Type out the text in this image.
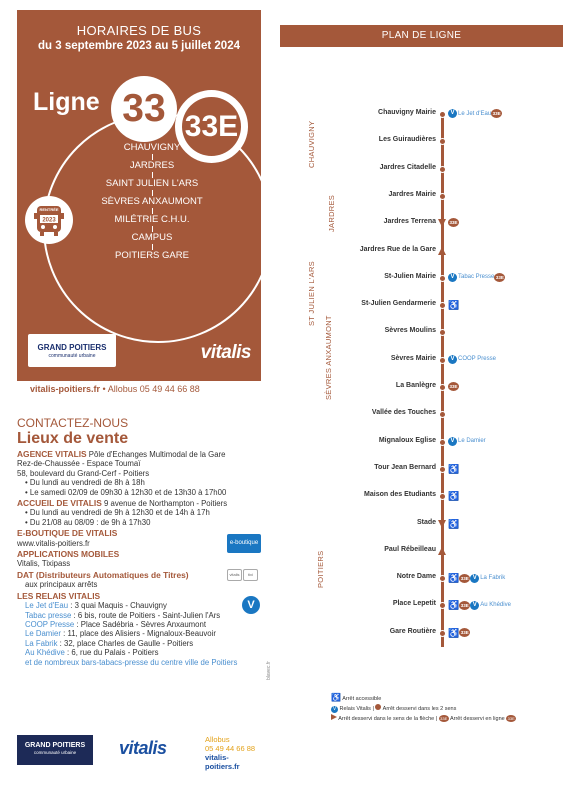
HORAIRES DE BUS
du 3 septembre 2023 au 5 juillet 2024
Ligne 33 33E
CHAUVIGNY
JARDRES
SAINT JULIEN L'ARS
SÈVRES ANXAUMONT
MILÉTRIE C.H.U.
CAMPUS
POITIERS GARE
RENTRÉE
2023
GRAND POITIERS
communauté urbaine	vitalis
vitalis-poitiers.fr • Allobus 05 49 44 66 88
CONTACTEZ-NOUS
Lieux de vente
AGENCE VITALIS Pôle d'Echanges Multimodal de la Gare
Rez-de-Chaussée - Espace Toumaï
58, boulevard du Grand-Cerf - Poitiers
• Du lundi au vendredi de 8h à 18h
• Le samedi 02/09 de 09h30 à 12h30 et de 13h30 à 17h00
ACCUEIL DE VITALIS 9 avenue de Northampton - Poitiers
• Du lundi au vendredi de 9h à 12h30 et de 14h à 17h
• Du 21/08 au 08/09 : de 9h à 17h30
E-BOUTIQUE DE VITALIS
www.vitalis-poitiers.fr
APPLICATIONS MOBILES
Vitalis, Tixipass
DAT (Distributeurs Automatiques de Titres)
aux principaux arrêts
LES RELAIS VITALIS
Le Jet d'Eau : 3 quai Maquis - Chauvigny
Tabac presse : 6 bis, route de Poitiers - Saint-Julien l'Ars
COOP Presse : Place Sadébria - Sèvres Anxaumont
Le Damier : 11, place des Alisiers - Mignaloux-Beauvoir
La Fabrik : 32, place Charles de Gaulle - Poitiers
Au Khédive : 6, rue du Palais - Poitiers
et de nombreux bars-tabacs-presse du centre ville de Poitiers
e-boutique
vitalis tixi
V
blavec.fr
GRAND POITIERS
communauté urbaine	vitalis	Allobus
05 49 44 66 88
vitalis-poitiers.fr
PLAN DE LIGNE
CHAUVIGNY
JARDRES
ST JULIEN L'ARS
SÈVRES ANXAUMONT
POITIERS
Chauvigny Mairie	V Le Jet d'Eau33E
Les Guiraudières
Jardres Citadelle
Jardres Mairie
Jardres Terrena	33E
Jardres Rue de la Gare
St-Julien Mairie	V Tabac Presse33E
St-Julien Gendarmerie ♿
Sèvres Moulins
Sèvres Mairie	V COOP Presse
La Banlègre	33E
Vallée des Touches
Mignaloux Eglise	V Le Damier
Tour Jean Bernard ♿
Maison des Etudiants ♿
Stade ♿
Paul Rébeilleau
Notre Dame ♿33E V La Fabrik
Place Lepetit ♿33E V Au Khédive
Gare Routière ♿33E
♿ Arrêt accessible
V Relais Vitalis |  Arrêt desservi dans les 2 sens
Arrêt desservi dans le sens de la flèche | 33E Arrêt desservi en ligne 33E
